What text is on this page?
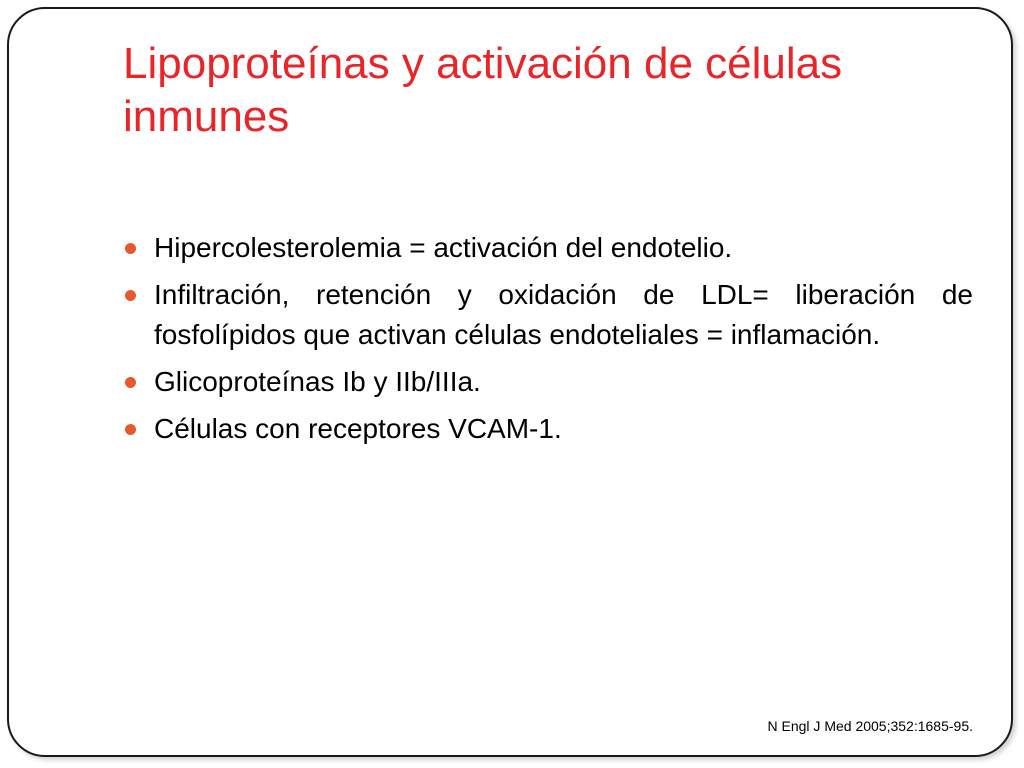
Lipoproteínas y activación de células inmunes
Hipercolesterolemia = activación del endotelio.
Infiltración, retención y oxidación de LDL= liberación de fosfolípidos que activan células endoteliales = inflamación.
Glicoproteínas Ib y IIb/IIIa.
Células con receptores VCAM-1.
N Engl J Med 2005;352:1685-95.
